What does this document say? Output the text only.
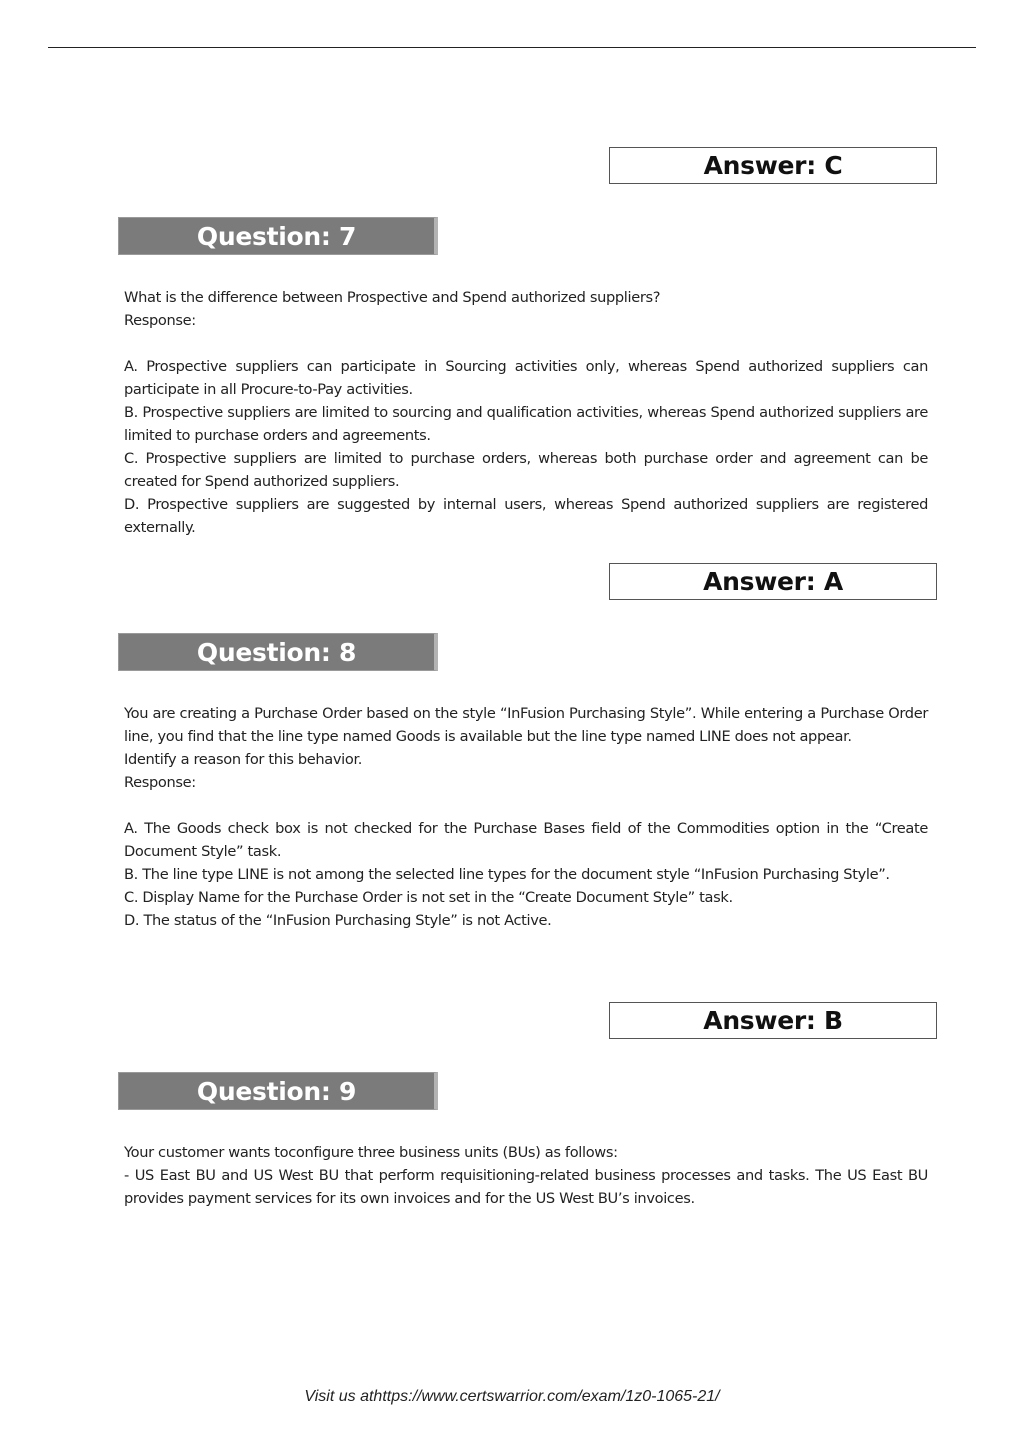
Answer: C
Question: 7

What is the difference between Prospective and Spend authorized suppliers?

Response:

A. Prospective suppliers can participate in Sourcing activities only, whereas Spend authorized suppliers can participate in all Procure-to-Pay activities.

B. Prospective suppliers are limited to sourcing and qualification activities, whereas Spend authorized suppliers are limited to purchase orders and agreements.

C. Prospective suppliers are limited to purchase orders, whereas both purchase order and agreement can be created for Spend authorized suppliers.

D. Prospective suppliers are suggested by internal users, whereas Spend authorized suppliers are registered externally.

Answer: A
Question: 8

You are creating a Purchase Order based on the style “InFusion Purchasing Style”. While entering a Purchase Order line, you find that the line type named Goods is available but the line type named LINE does not appear.

Identify a reason for this behavior.

Response:

A. The Goods check box is not checked for the Purchase Bases field of the Commodities option in the “Create Document Style” task.

B. The line type LINE is not among the selected line types for the document style “InFusion Purchasing Style”.

C. Display Name for the Purchase Order is not set in the “Create Document Style” task.

D. The status of the “InFusion Purchasing Style” is not Active.

Answer: B
Question: 9

Your customer wants toconfigure three business units (BUs) as follows:

- US East BU and US West BU that perform requisitioning-related business processes and tasks. The US East BU provides payment services for its own invoices and for the US West BU’s invoices.

Visit us athttps://www.certswarrior.com/exam/1z0-1065-21/
